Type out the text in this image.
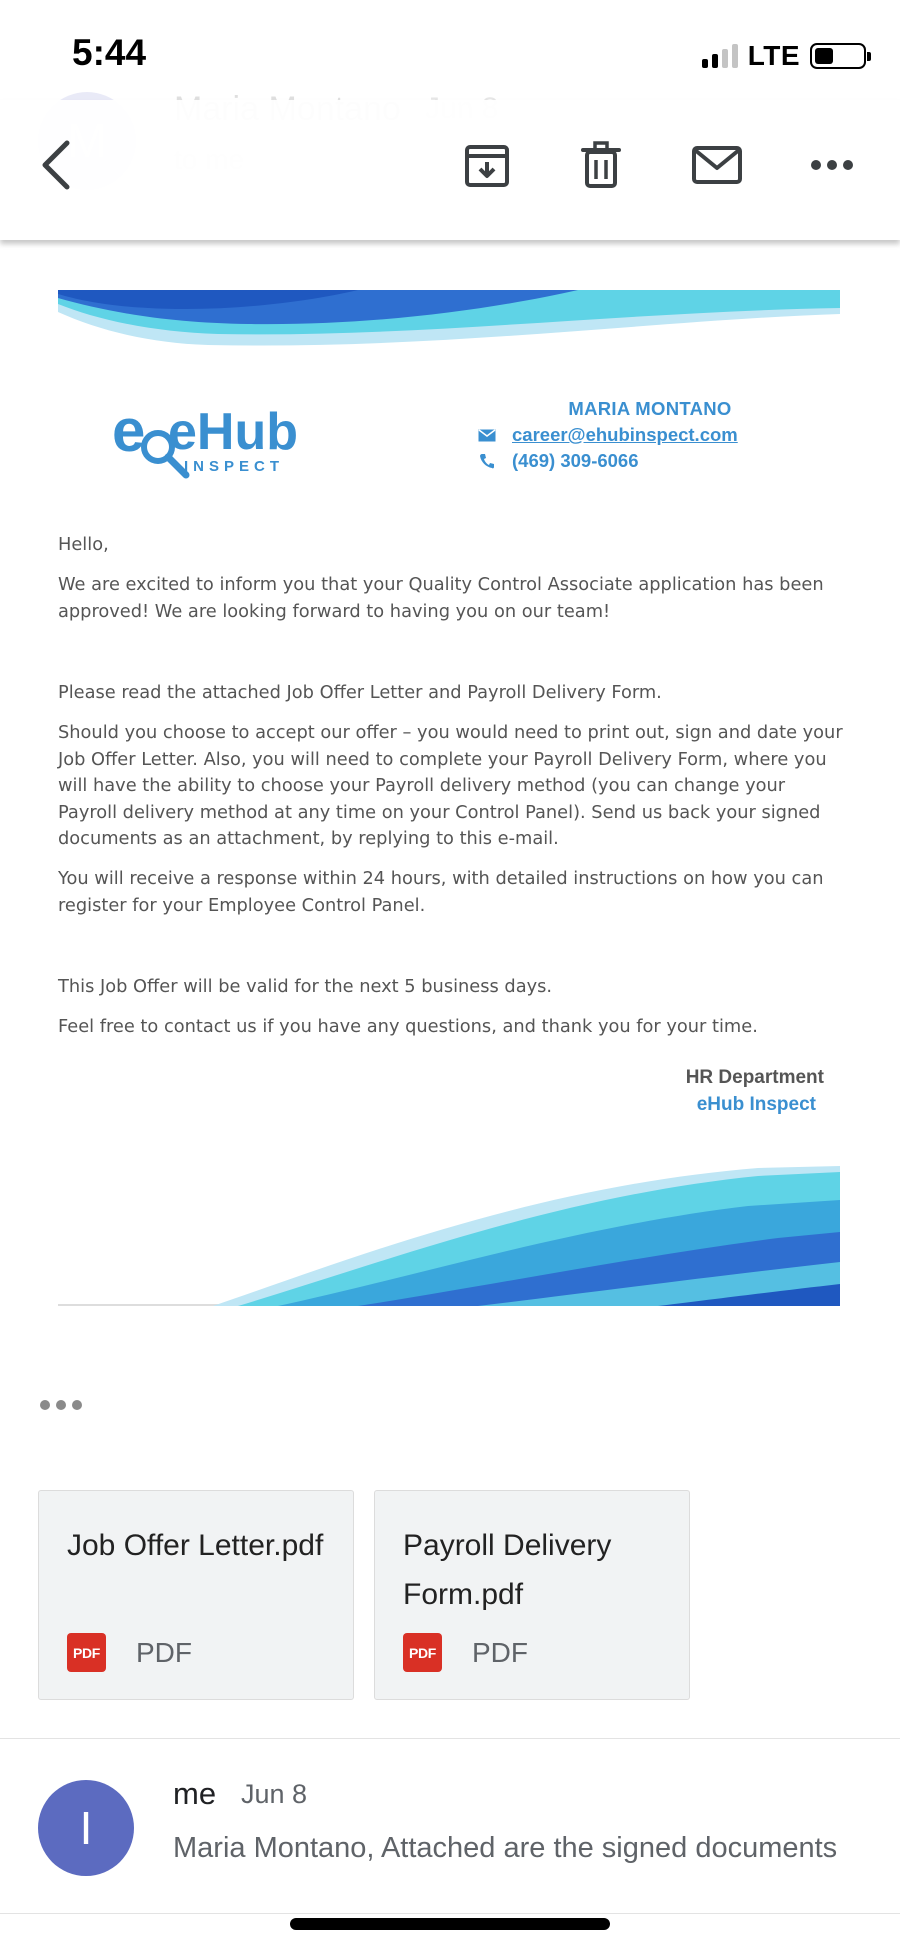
5:44	LTE
e eHub
INSPECT
MARIA MONTANO
career@ehubinspect.com
(469) 309-6066
Hello,
We are excited to inform you that your Quality Control Associate application has been approved! We are looking forward to having you on our team!
Please read the attached Job Offer Letter and Payroll Delivery Form.
Should you choose to accept our offer – you would need to print out, sign and date your Job Offer Letter. Also, you will need to complete your Payroll Delivery Form, where you will have the ability to choose your Payroll delivery method (you can change your Payroll delivery method at any time on your Control Panel). Send us back your signed documents as an attachment, by replying to this e-mail.
You will receive a response within 24 hours, with detailed instructions on how you can register for your Employee Control Panel.
This Job Offer will be valid for the next 5 business days.
Feel free to contact us if you have any questions, and thank you for your time.
HR Department
eHub Inspect
Job Offer Letter.pdf
PDF PDF
Payroll Delivery Form.pdf
PDF PDF
I
me Jun 8
Maria Montano, Attached are the signed documents
